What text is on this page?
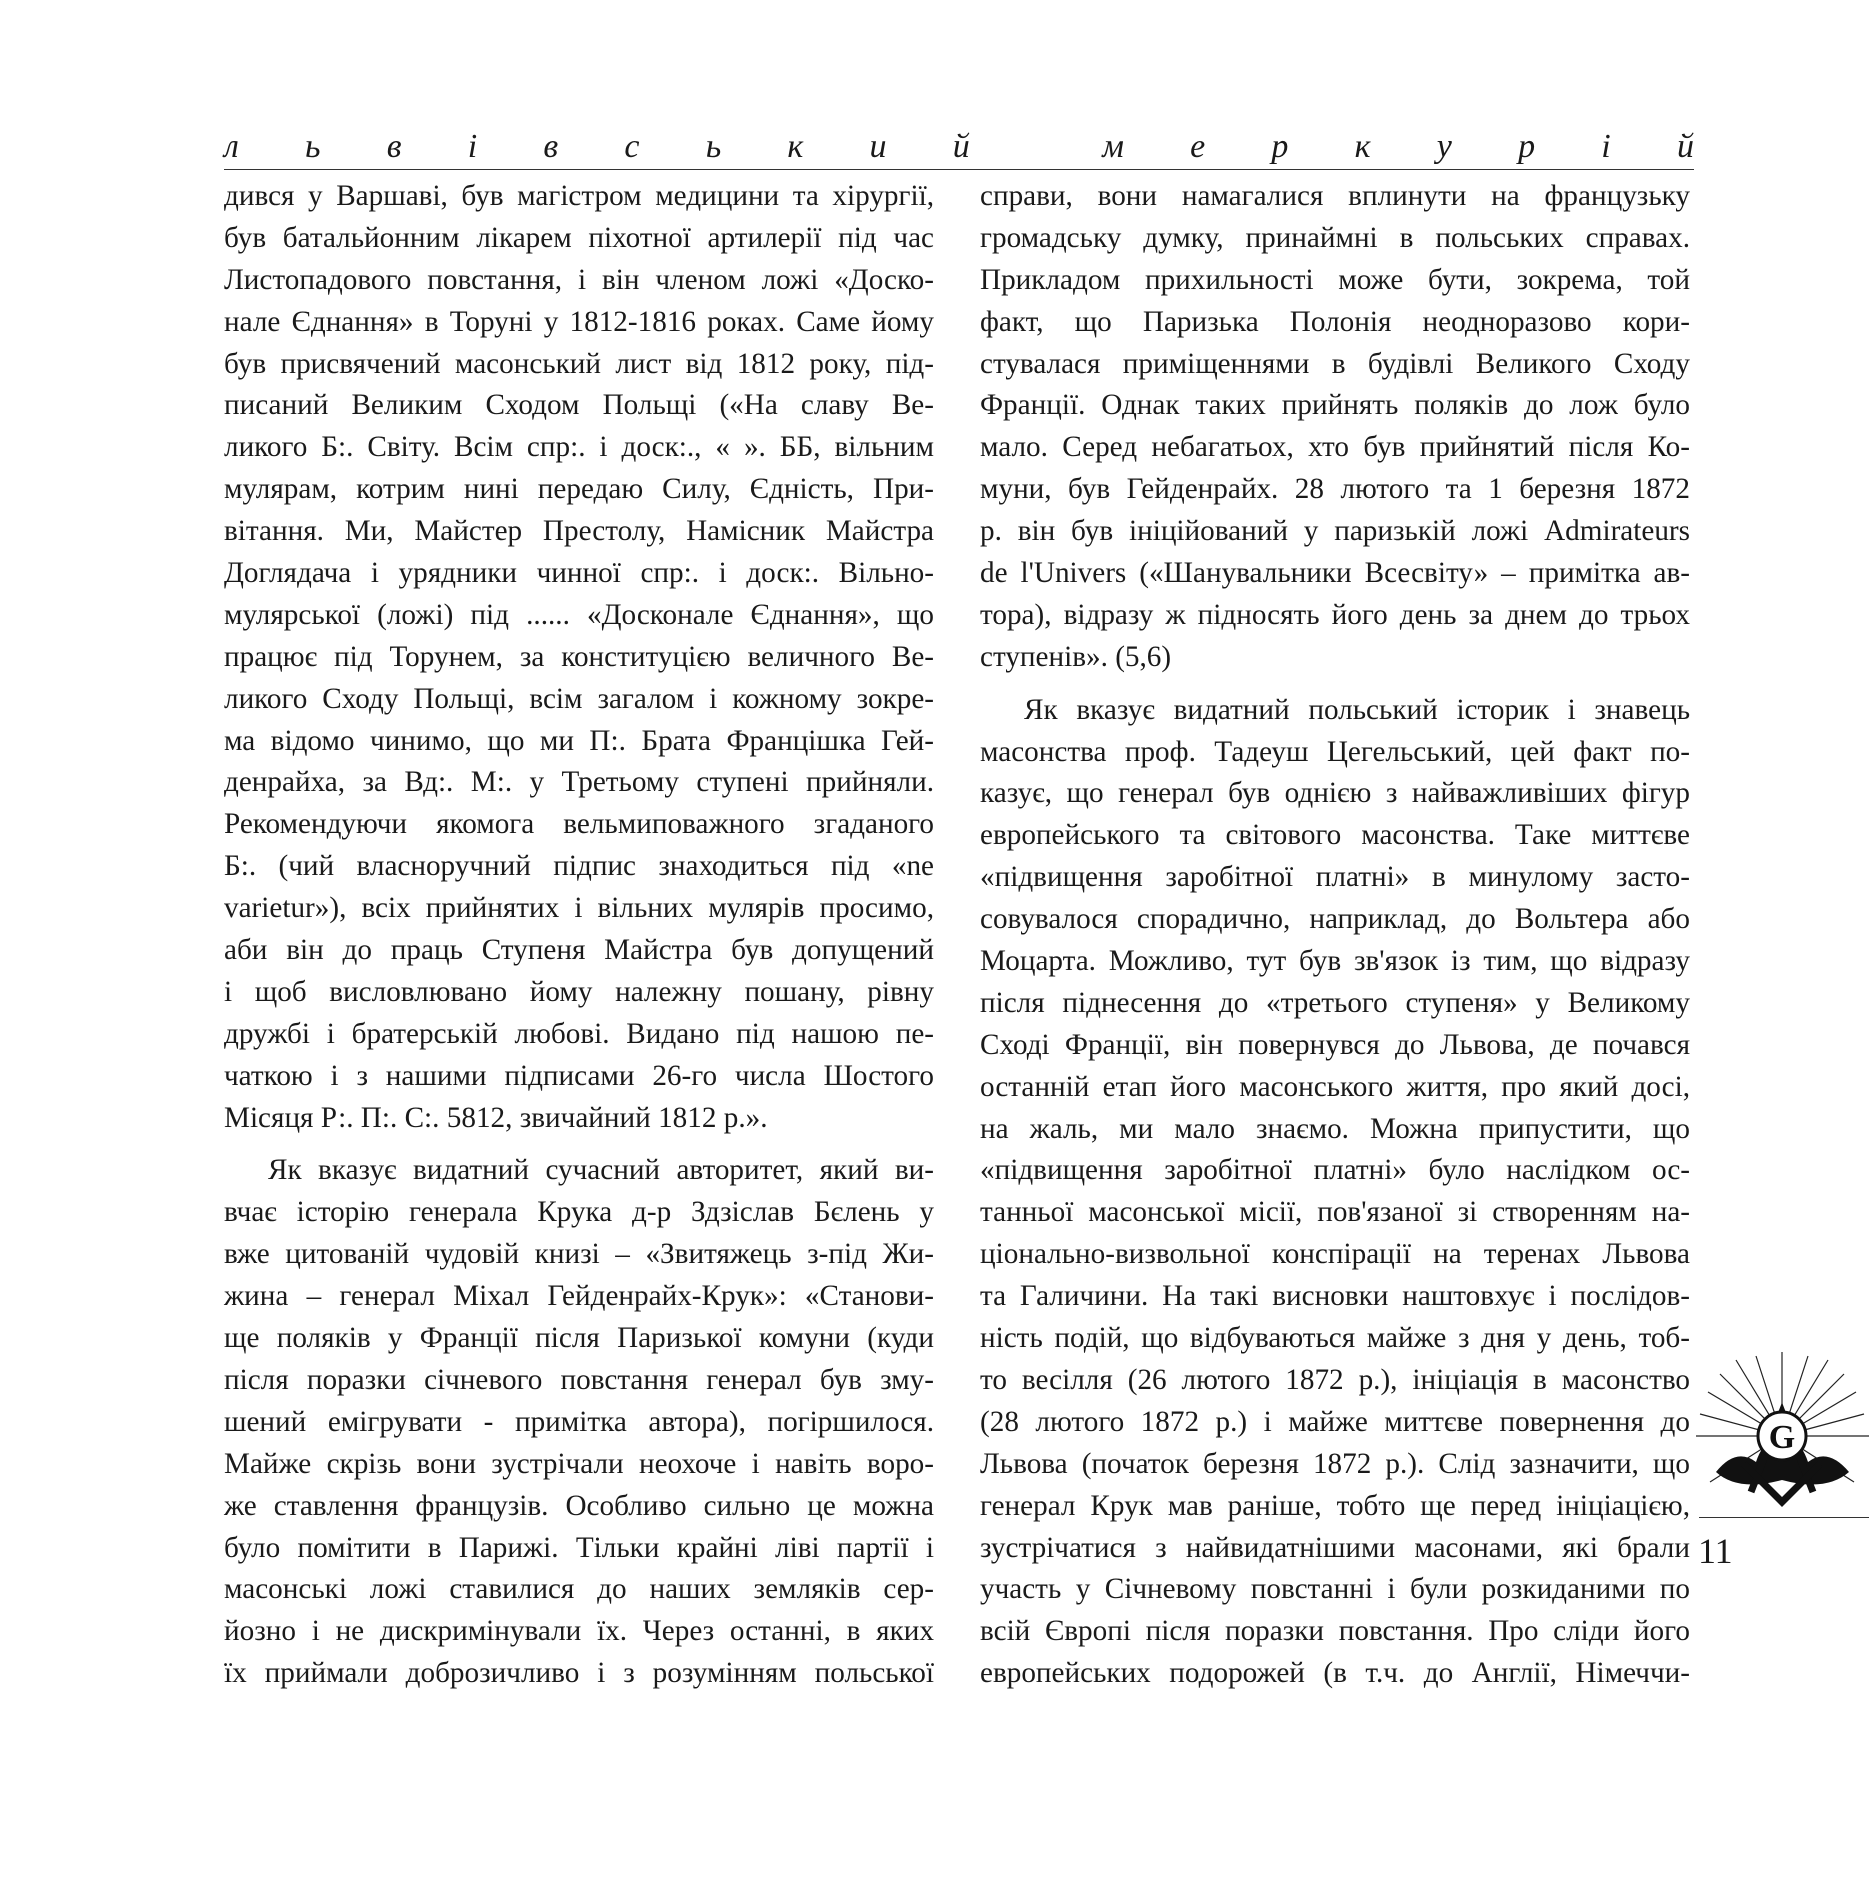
л ь в і в с ь к и й	м е р к у р і й
дився у Варшаві, був магістром медицини та хірургії,
був батальйонним лікарем піхотної артилерії під час
Листопадового повстання, і він членом ложі «Доско-
нале Єднання» в Торуні у 1812-1816 роках. Саме йому
був присвячений масонський лист від 1812 року, під-
писаний Великим Сходом Польщі («На славу Ве-
ликого Б:. Світу. Всім спр:. і доск:., « ». ББ, вільним
мулярам, котрим нині передаю Силу, Єдність, При-
вітання. Ми, Майстер Престолу, Намісник Майстра
Доглядача і урядники чинної спр:. і доск:. Вільно-
мулярської (ложі) під ...... «Досконале Єднання», що
працює під Торунем, за конституцією величного Ве-
ликого Сходу Польщі, всім загалом і кожному зокре-
ма відомо чинимо, що ми П:. Брата Францішка Гей-
денрайха, за Вд:. М:. у Третьому ступені прийняли.
Рекомендуючи якомога вельмиповажного згаданого
Б:. (чий власноручний підпис знаходиться під «ne
varietur»), всіх прийнятих і вільних мулярів просимо,
аби він до праць Ступеня Майстра був допущений
і щоб висловлювано йому належну пошану, рівну
дружбі і братерській любові. Видано під нашою пе-
чаткою і з нашими підписами 26-го числа Шостого
Місяця Р:. П:. С:. 5812, звичайний 1812 р.».
Як вказує видатний сучасний авторитет, який ви-
вчає історію генерала Крука д-р Здзіслав Бєлень у
вже цитованій чудовій книзі – «Звитяжець з-під Жи-
жина – генерал Міхал Гейденрайх-Крук»: «Станови-
ще поляків у Франції після Паризької комуни (куди
після поразки січневого повстання генерал був зму-
шений емігрувати - примітка автора), погіршилося.
Майже скрізь вони зустрічали неохоче і навіть воро-
же ставлення французів. Особливо сильно це можна
було помітити в Парижі. Тільки крайні ліві партії і
масонські ложі ставилися до наших земляків сер-
йозно і не дискримінували їх. Через останні, в яких
їх приймали доброзичливо і з розумінням польської
справи, вони намагалися вплинути на французьку
громадську думку, принаймні в польських справах.
Прикладом прихильності може бути, зокрема, той
факт, що Паризька Полонія неодноразово кори-
стувалася приміщеннями в будівлі Великого Сходу
Франції. Однак таких прийнять поляків до лож було
мало. Серед небагатьох, хто був прийнятий після Ко-
муни, був Гейденрайх. 28 лютого та 1 березня 1872
р. він був ініційований у паризькій ложі Admirateurs
de l'Univers («Шанувальники Всесвіту» – примітка ав-
тора), відразу ж підносять його день за днем до трьох
ступенів». (5,6)
Як вказує видатний польський історик і знавець
масонства проф. Тадеуш Цегельський, цей факт по-
казує, що генерал був однією з найважливіших фігур
европейського та світового масонства. Таке миттєве
«підвищення заробітної платні» в минулому засто-
совувалося спорадично, наприклад, до Вольтера або
Моцарта. Можливо, тут був зв'язок із тим, що відразу
після піднесення до «третього ступеня» у Великому
Сході Франції, він повернувся до Львова, де почався
останній етап його масонського життя, про який досі,
на жаль, ми мало знаємо. Можна припустити, що
«підвищення заробітної платні» було наслідком ос-
танньої масонської місії, пов'язаної зі створенням на-
ціонально-визвольної конспірації на теренах Львова
та Галичини. На такі висновки наштовхує і послідов-
ність подій, що відбуваються майже з дня у день, тоб-
то весілля (26 лютого 1872 р.), ініціація в масонство
(28 лютого 1872 р.) і майже миттєве повернення до
Львова (початок березня 1872 р.). Слід зазначити, що
генерал Крук мав раніше, тобто ще перед ініціацією,
зустрічатися з найвидатнішими масонами, які брали
участь у Січневому повстанні і були розкиданими по
всій Європі після поразки повстання. Про сліди його
европейських подорожей (в т.ч. до Англії, Німеччи-
G
11
